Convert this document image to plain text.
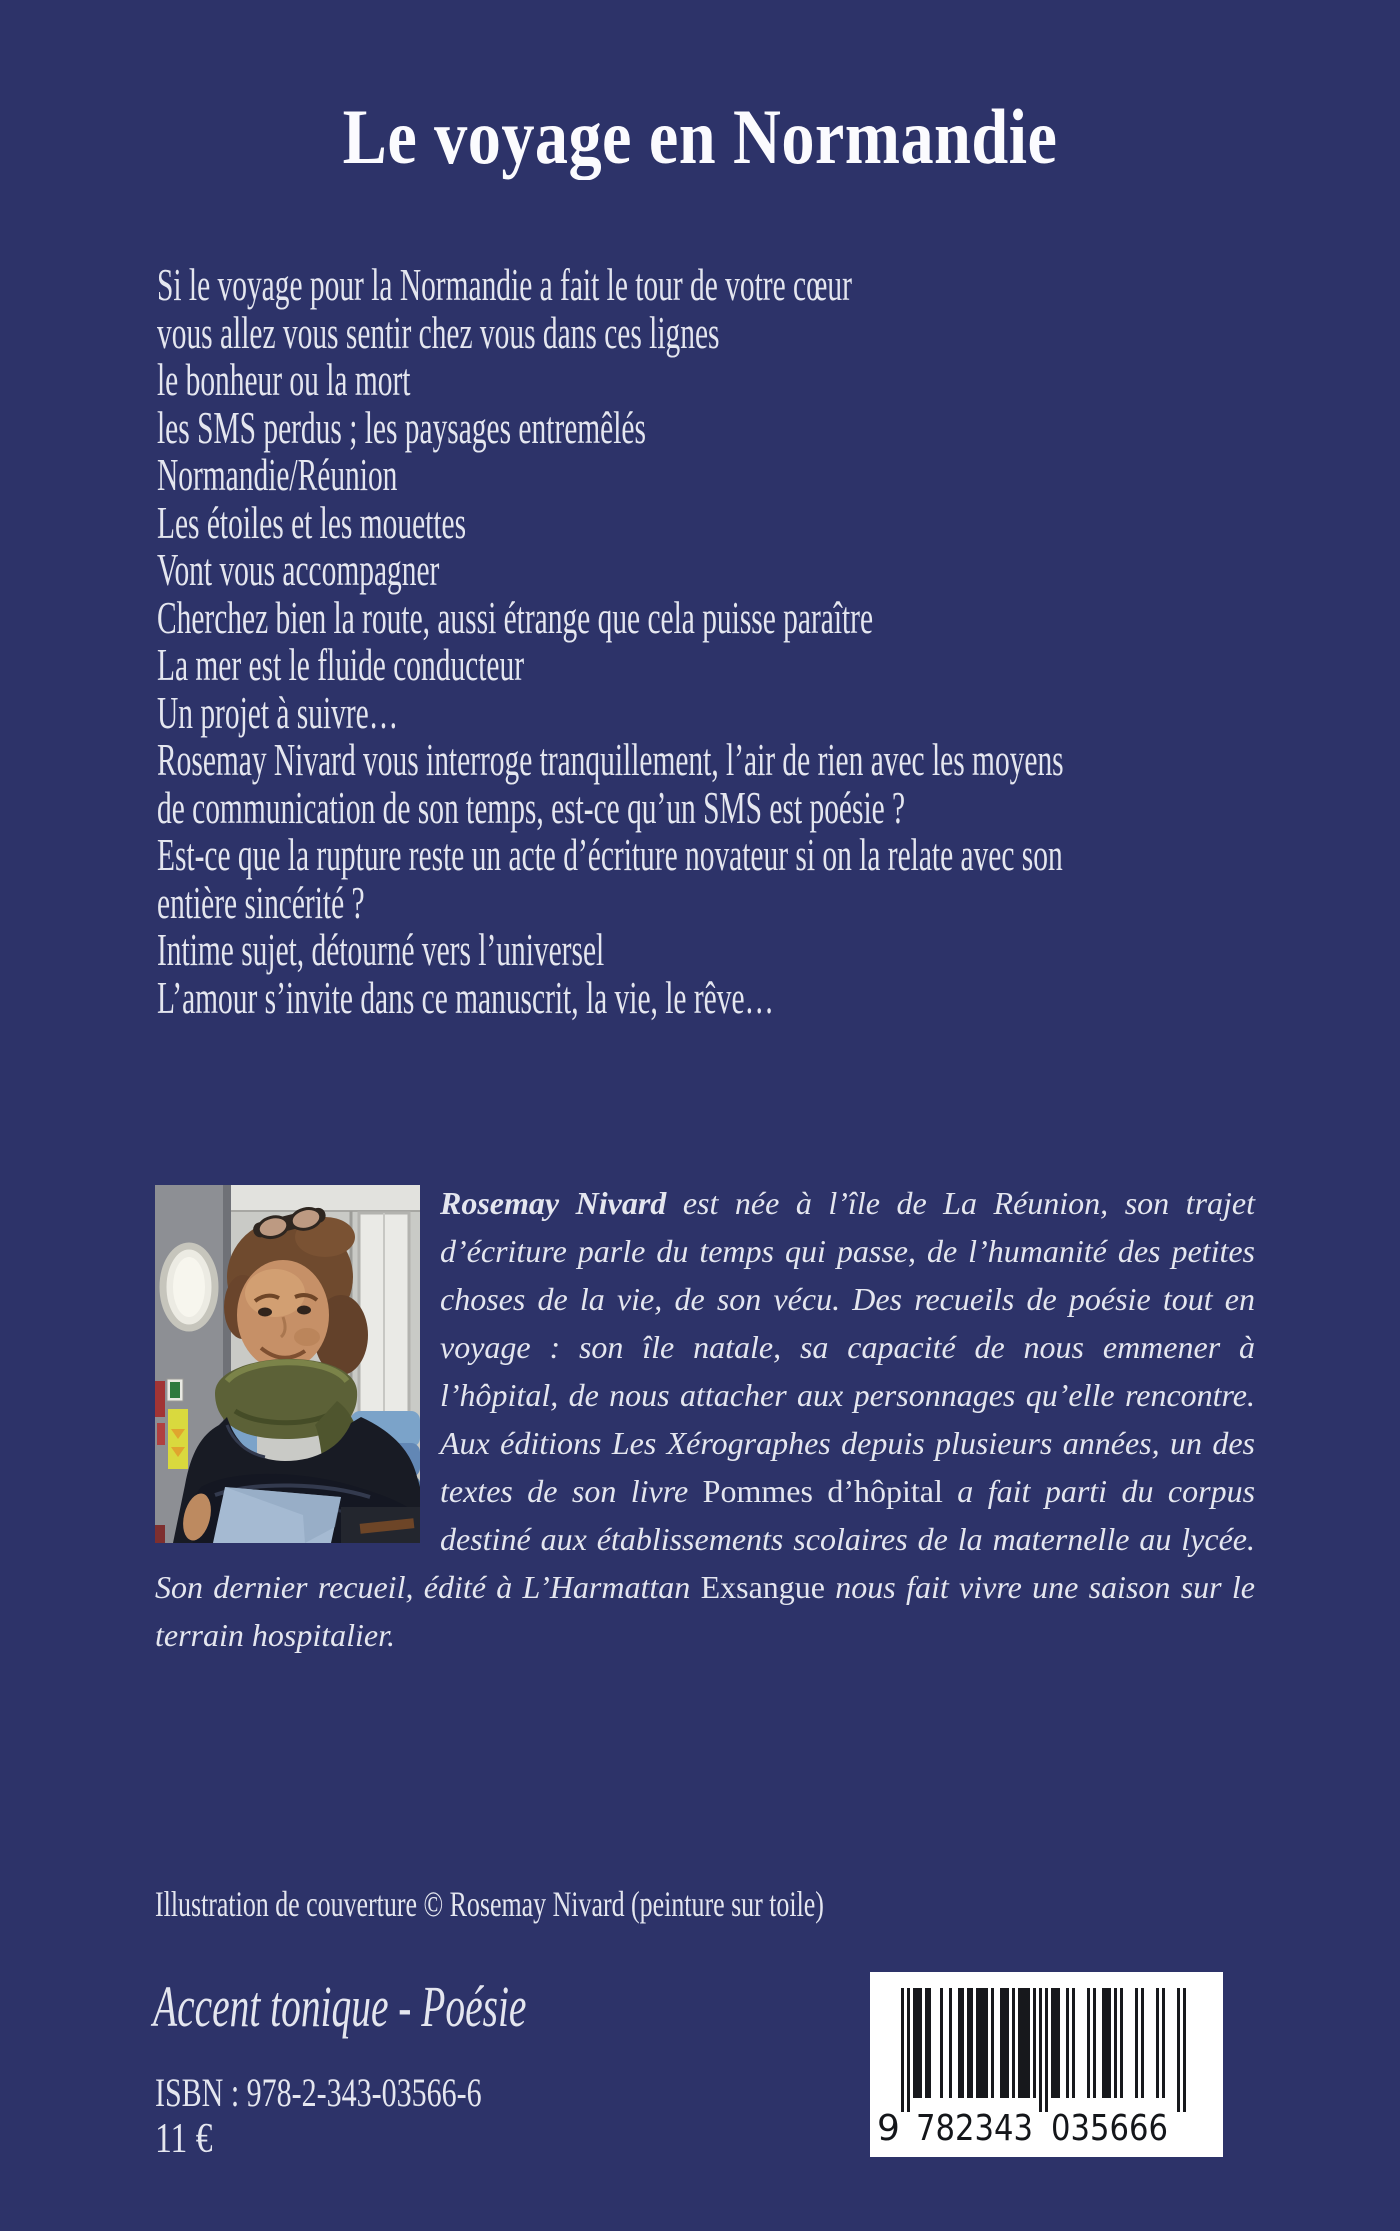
Le voyage en Normandie
Si le voyage pour la Normandie a fait le tour de votre cœur
vous allez vous sentir chez vous dans ces lignes
le bonheur ou la mort
les SMS perdus ; les paysages entremêlés
Normandie/Réunion
Les étoiles et les mouettes
Vont vous accompagner
Cherchez bien la route, aussi étrange que cela puisse paraître
La mer est le fluide conducteur
Un projet à suivre…
Rosemay Nivard vous interroge tranquillement, l’air de rien avec les moyens
de communication de son temps, est-ce qu’un SMS est poésie ?
Est-ce que la rupture reste un acte d’écriture novateur si on la relate avec son
entière sincérité ?
Intime sujet, détourné vers l’universel
L’amour s’invite dans ce manuscrit, la vie, le rêve…
Rosemay Nivard est née à l’île de La Réunion, son trajet d’écriture parle du temps qui passe, de l’humanité des petites choses de la vie, de son vécu. Des recueils de poésie tout en voyage : son île natale, sa capacité de nous emmener à l’hôpital, de nous attacher aux personnages qu’elle rencontre. Aux éditions Les Xérographes depuis plusieurs années, un des textes de son livre Pommes d’hôpital a fait parti du corpus destiné aux établissements scolaires de la maternelle au lycée. Son dernier recueil, édité à L’Harmattan Exsangue nous fait vivre une saison sur le terrain hospitalier.
Illustration de couverture © Rosemay Nivard (peinture sur toile)
Accent tonique - Poésie
ISBN : 978-2-343-03566-6
11 €	9 782343 035666
